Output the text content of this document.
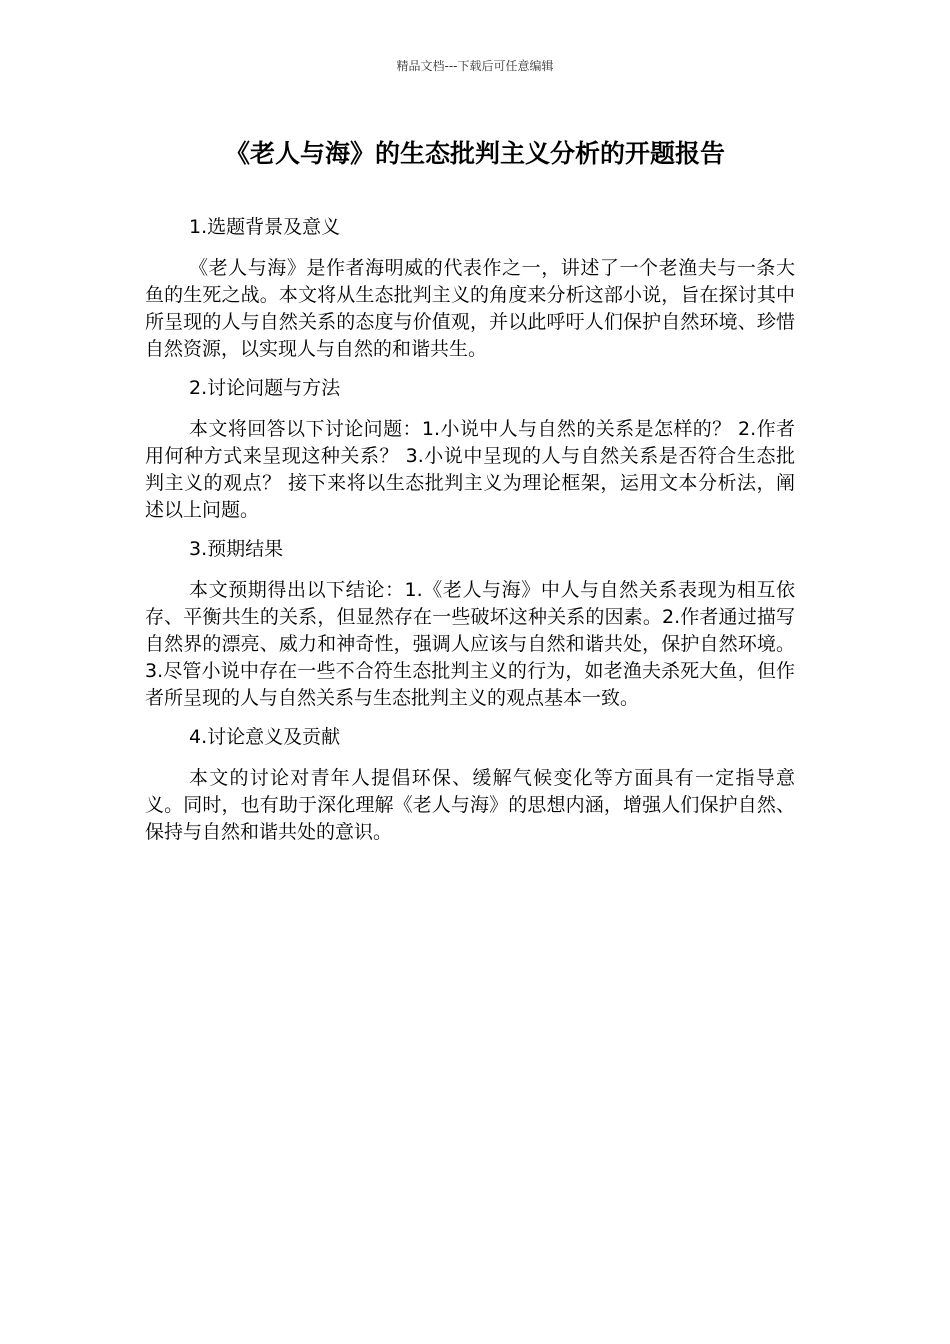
精品文档---下载后可任意编辑
《老人与海》的生态批判主义分析的开题报告

1.选题背景及意义

《老人与海》是作者海明威的代表作之一，讲述了一个老渔夫与一条大鱼的生死之战。本文将从生态批判主义的角度来分析这部小说，旨在探讨其中所呈现的人与自然关系的态度与价值观，并以此呼吁人们保护自然环境、珍惜自然资源，以实现人与自然的和谐共生。

2.讨论问题与方法

本文将回答以下讨论问题：1.小说中人与自然的关系是怎样的？ 2.作者用何种方式来呈现这种关系？ 3.小说中呈现的人与自然关系是否符合生态批判主义的观点？ 接下来将以生态批判主义为理论框架，运用文本分析法，阐述以上问题。

3.预期结果

本文预期得出以下结论：1.《老人与海》中人与自然关系表现为相互依存、平衡共生的关系，但显然存在一些破坏这种关系的因素。2.作者通过描写自然界的漂亮、威力和神奇性，强调人应该与自然和谐共处，保护自然环境。3.尽管小说中存在一些不合符生态批判主义的行为，如老渔夫杀死大鱼，但作者所呈现的人与自然关系与生态批判主义的观点基本一致。

4.讨论意义及贡献

本文的讨论对青年人提倡环保、缓解气候变化等方面具有一定指导意义。同时，也有助于深化理解《老人与海》的思想内涵，增强人们保护自然、保持与自然和谐共处的意识。
